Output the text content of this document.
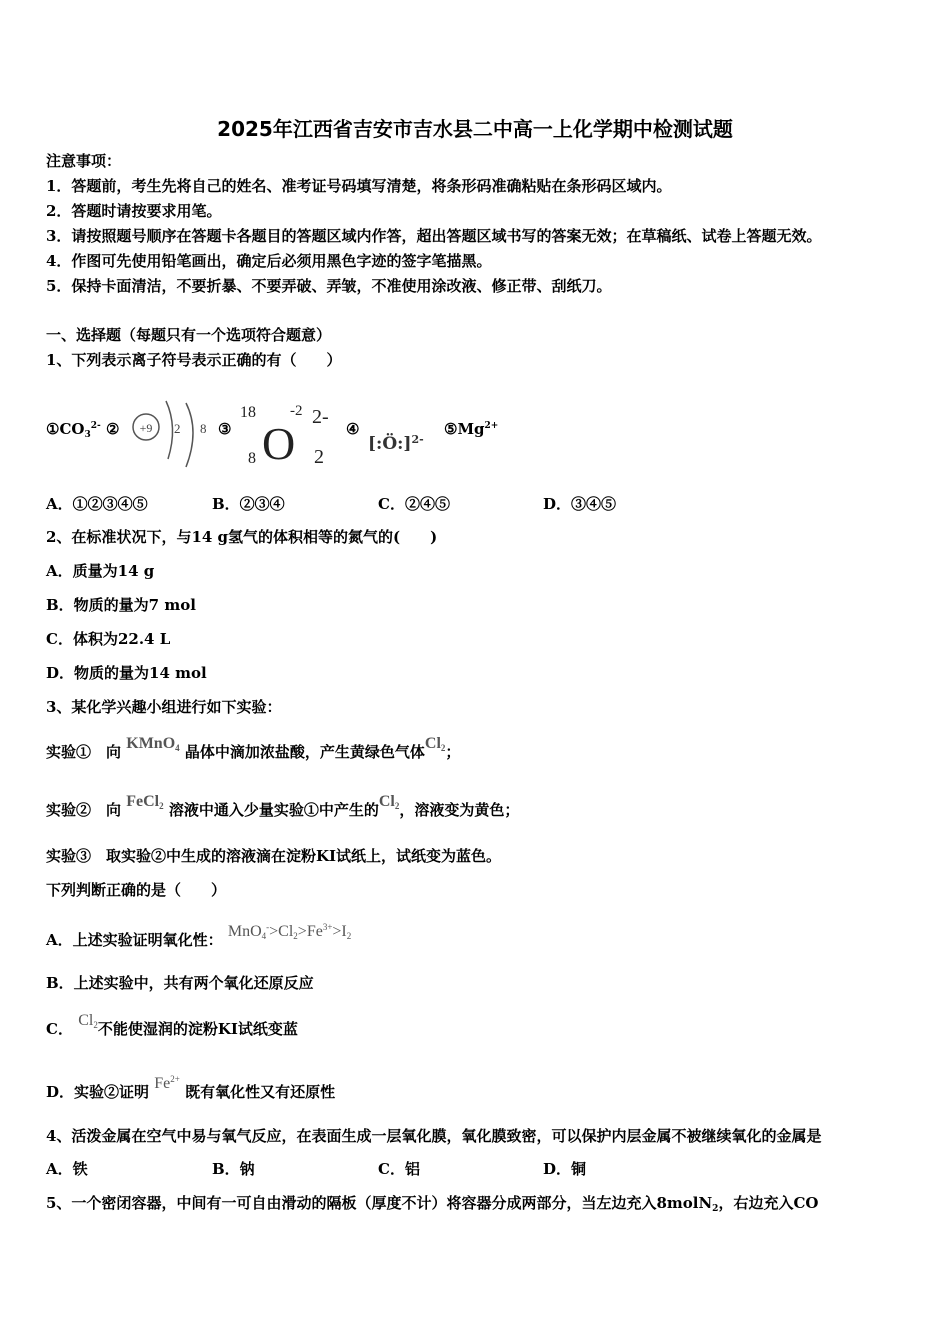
2025年江西省吉安市吉水县二中高一上化学期中检测试题
注意事项：
1．答题前，考生先将自己的姓名、准考证号码填写清楚，将条形码准确粘贴在条形码区域内。
2．答题时请按要求用笔。
3．请按照题号顺序在答题卡各题目的答题区域内作答，超出答题区域书写的答案无效；在草稿纸、试卷上答题无效。
4．作图可先使用铅笔画出，确定后必须用黑色字迹的签字笔描黑。
5．保持卡面清洁，不要折暴、不要弄破、弄皱，不准使用涂改液、修正带、刮纸刀。
一、选择题（每题只有一个选项符合题意）
1、下列表示离子符号表示正确的有（　　）
$①CO_3^{2-}$ ② +9 2 8 ③
18
8
-2
O 2
2-
④
[:Ö:]$^{2-}$
$⑤Mg^{2+}$
A．①②③④⑤	B．②③④	C．②④⑤	D．③④⑤
2、在标准状况下，与14 g氢气的体积相等的氮气的(　　)
A．质量为14 g
B．物质的量为7 mol
C．体积为22.4 L
D．物质的量为14 mol
3、某化学兴趣小组进行如下实验：
实验①　向 KMnO$_4$ 晶体中滴加浓盐酸，产生黄绿色气体$Cl_2$；
实验②　向 FeCl$_2$ 溶液中通入少量实验①中产生的$Cl_2$，溶液变为黄色；
实验③　取实验②中生成的溶液滴在淀粉KI试纸上，试纸变为蓝色。
下列判断正确的是（　　）
A．上述实验证明氧化性： $MnO_4^->Cl_2>Fe^{3+}>I_2$
B．上述实验中，共有两个氧化还原反应
C． $Cl_2$不能使湿润的淀粉KI试纸变蓝
D．实验②证明 $Fe^{2+}$ 既有氧化性又有还原性
4、活泼金属在空气中易与氧气反应，在表面生成一层氧化膜，氧化膜致密，可以保护内层金属不被继续氧化的金属是
A．铁	B．钠	C．铝	D．铜
5、一个密闭容器，中间有一可自由滑动的隔板（厚度不计）将容器分成两部分，当左边充入8molN$_2$，右边充入CO
